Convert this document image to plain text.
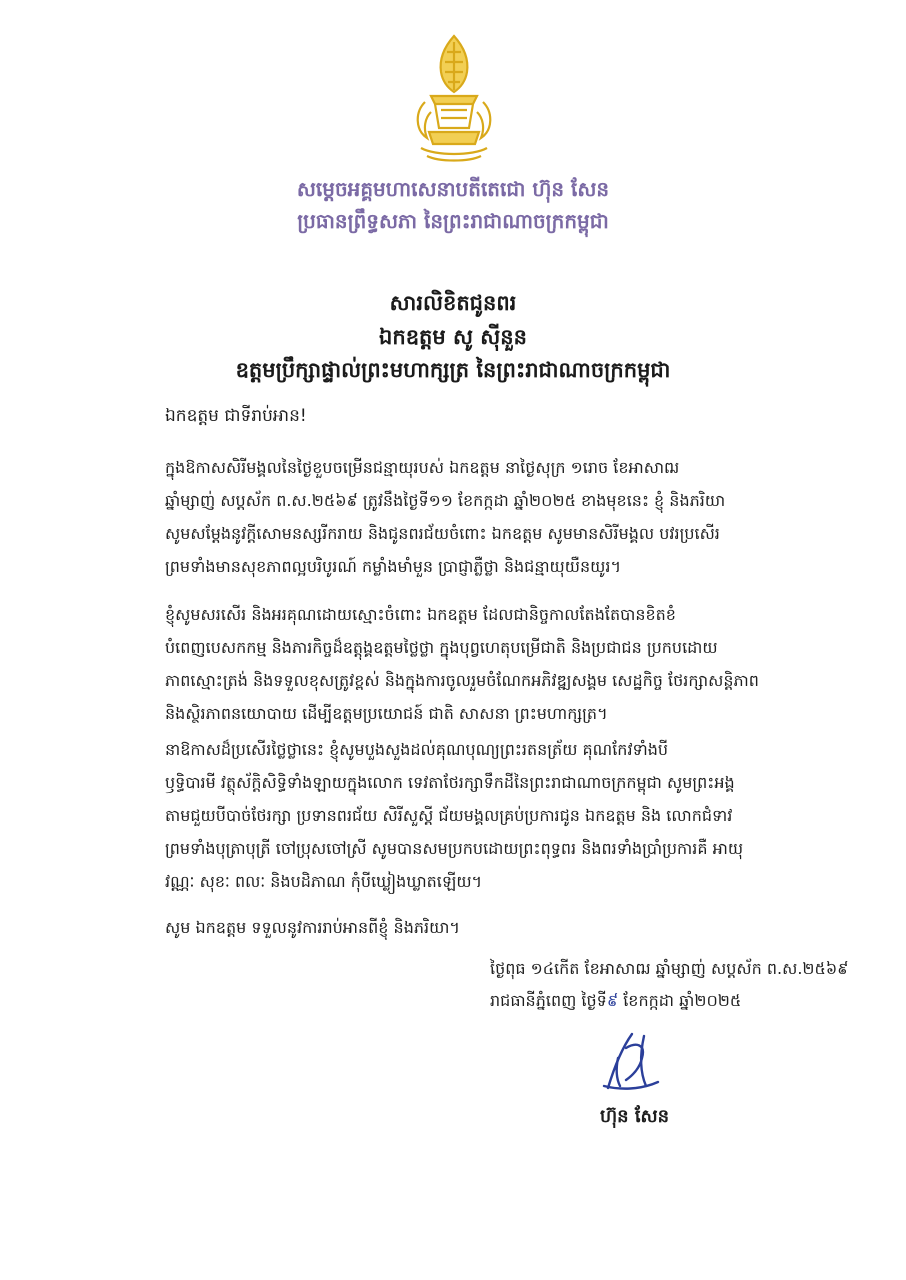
សម្ដេចអគ្គមហាសេនាបតីតេជោ ហ៊ុន សែន
ប្រធានព្រឹទ្ធសភា នៃព្រះរាជាណាចក្រកម្ពុជា
សារលិខិតជូនពរ
ឯកឧត្តម សូ ស៊ីនួន
ឧត្តមប្រឹក្សាផ្ទាល់ព្រះមហាក្សត្រ នៃព្រះរាជាណាចក្រកម្ពុជា
ឯកឧត្តម ជាទីរាប់អាន!
ក្នុងឱកាសសិរីមង្គលនៃថ្ងៃខួបចម្រើនជន្មាយុរបស់ ឯកឧត្តម នាថ្ងៃសុក្រ ១រោច ខែអាសាឍ
ឆ្នាំម្សាញ់ សប្តស័ក ព.ស.២៥៦៩ ត្រូវនឹងថ្ងៃទី១១ ខែកក្កដា ឆ្នាំ២០២៥ ខាងមុខនេះ ខ្ញុំ និងភរិយា
សូមសម្តែងនូវក្តីសោមនស្សរីករាយ និងជូនពរជ័យចំពោះ ឯកឧត្តម សូមមានសិរីមង្គល បវរប្រសើរ
ព្រមទាំងមានសុខភាពល្អបរិបូរណ៍ កម្លាំងមាំមួន ប្រាជ្ញាភ្លឺថ្លា និងជន្មាយុយឺនយូរ។
ខ្ញុំសូមសរសើរ និងអរគុណដោយស្មោះចំពោះ ឯកឧត្តម ដែលជានិច្ចកាលតែងតែបានខិតខំ
បំពេញបេសកកម្ម និងភារកិច្ចដ៏ឧត្តុង្គឧត្តមថ្លៃថ្លា ក្នុងបុព្វហេតុបម្រើជាតិ និងប្រជាជន ប្រកបដោយ
ភាពស្មោះត្រង់ និងទទួលខុសត្រូវខ្ពស់ និងក្នុងការចូលរួមចំណែកអភិវឌ្ឍសង្គម សេដ្ឋកិច្ច ថែរក្សាសន្តិភាព
និងស្ថិរភាពនយោបាយ ដើម្បីឧត្តមប្រយោជន៍ ជាតិ សាសនា ព្រះមហាក្សត្រ។
នាឱកាសដ៏ប្រសើរថ្លៃថ្លានេះ ខ្ញុំសូមបួងសួងដល់គុណបុណ្យព្រះរតនត្រ័យ គុណកែវទាំងបី
ឫទ្ធិបារមី វត្ថុស័ក្តិសិទ្ធិទាំងឡាយក្នុងលោក ទេវតាថែរក្សាទឹកដីនៃព្រះរាជាណាចក្រកម្ពុជា សូមព្រះអង្គ
តាមជួយបីបាច់ថែរក្សា ប្រទានពរជ័យ សិរីសួស្តី ជ័យមង្គលគ្រប់ប្រការជូន ឯកឧត្តម និង លោកជំទាវ
ព្រមទាំងបុត្រាបុត្រី ចៅប្រុសចៅស្រី សូមបានសមប្រកបដោយព្រះពុទ្ធពរ និងពរទាំងប្រាំប្រការគឺ អាយុ
វណ្ណៈ សុខៈ ពលៈ និងបដិភាណ កុំបីឃ្លៀងឃ្លាតឡើយ។
សូម ឯកឧត្តម ទទួលនូវការរាប់អានពីខ្ញុំ និងភរិយា។
ថ្ងៃពុធ ១៤កើត ខែអាសាឍ ឆ្នាំម្សាញ់ សប្តស័ក ព.ស.២៥៦៩
រាជធានីភ្នំពេញ ថ្ងៃទី៩ ខែកក្កដា ឆ្នាំ២០២៥
ហ៊ុន សែន
